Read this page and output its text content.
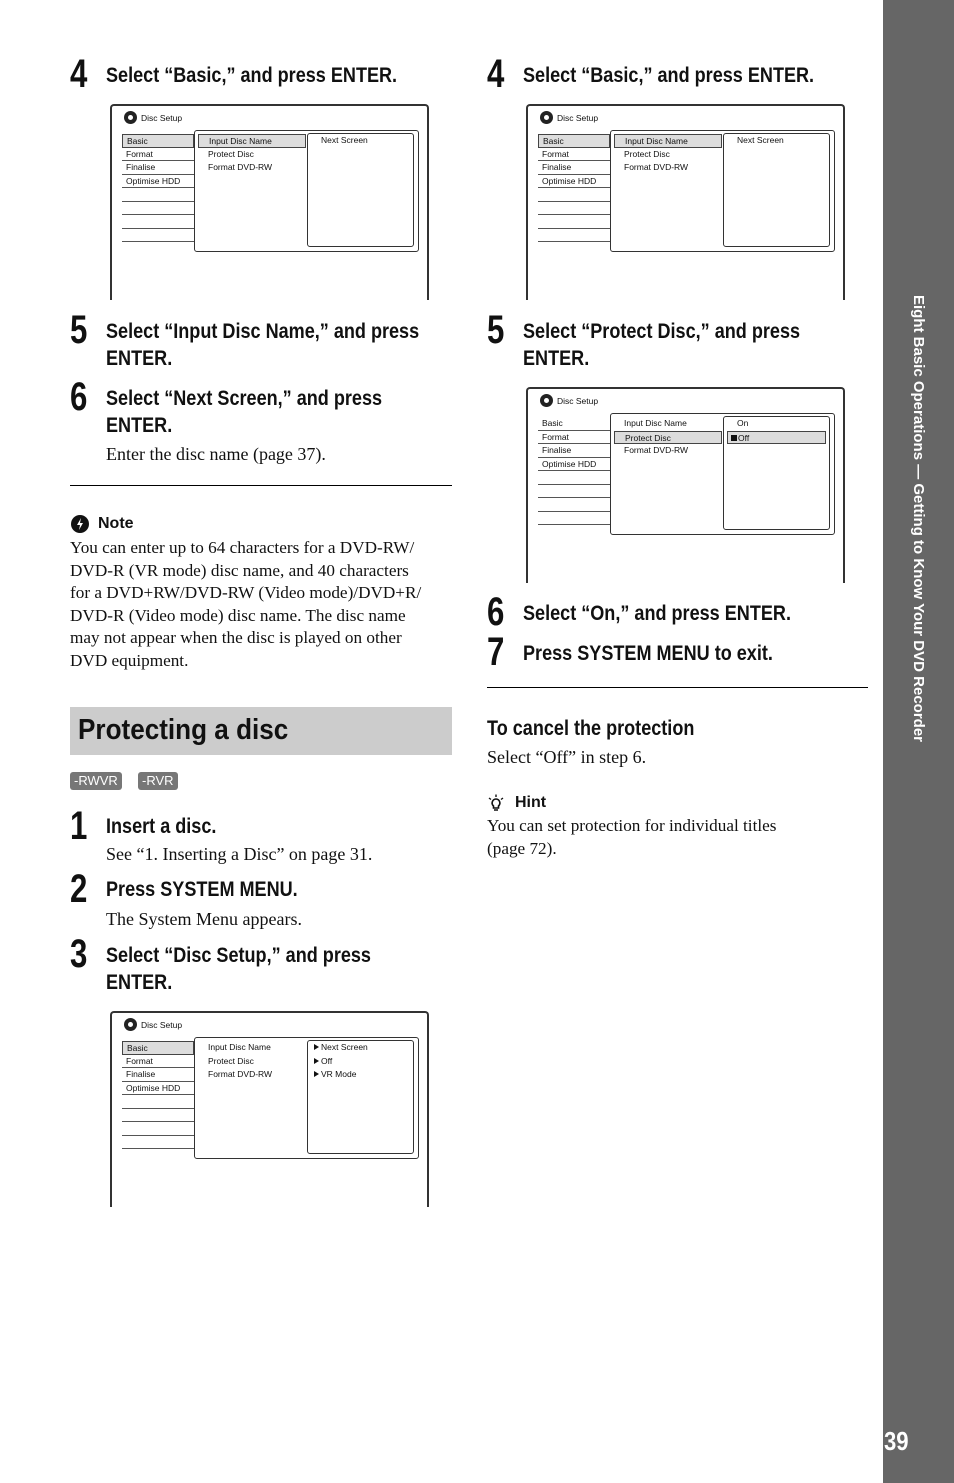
Eight Basic Operations — Getting to Know Your DVD Recorder
39
4 Select “Basic,” and press ENTER.
Disc Setup
Basic
Format
Finalise
Optimise HDD
Input Disc Name
Protect Disc
Format DVD-RW
Next Screen
5 Select “Input Disc Name,” and press
ENTER.
6 Select “Next Screen,” and press
ENTER.
Enter the disc name (page 37).
Note
You can enter up to 64 characters for a DVD-RW/
DVD-R (VR mode) disc name, and 40 characters
for a DVD+RW/DVD-RW (Video mode)/DVD+R/
DVD-R (Video mode) disc name. The disc name
may not appear when the disc is played on other
DVD equipment.
Protecting a disc
-RWVR	-RVR
1 Insert a disc.
See “1. Inserting a Disc” on page 31.
2 Press SYSTEM MENU.
The System Menu appears.
3 Select “Disc Setup,” and press
ENTER.
Disc Setup
Basic
Format
Finalise
Optimise HDD
Input Disc Name
Protect Disc
Format DVD-RW
Next Screen
Off
VR Mode
4 Select “Basic,” and press ENTER.
Disc Setup
Basic
Format
Finalise
Optimise HDD
Input Disc Name
Protect Disc
Format DVD-RW
Next Screen
5 Select “Protect Disc,” and press
ENTER.
Disc Setup
Basic
Format
Finalise
Optimise HDD
Input Disc Name
Protect Disc
Format DVD-RW
On
Off
6 Select “On,” and press ENTER.
7 Press SYSTEM MENU to exit.
To cancel the protection
Select “Off” in step 6.
Hint
You can set protection for individual titles
(page 72).
